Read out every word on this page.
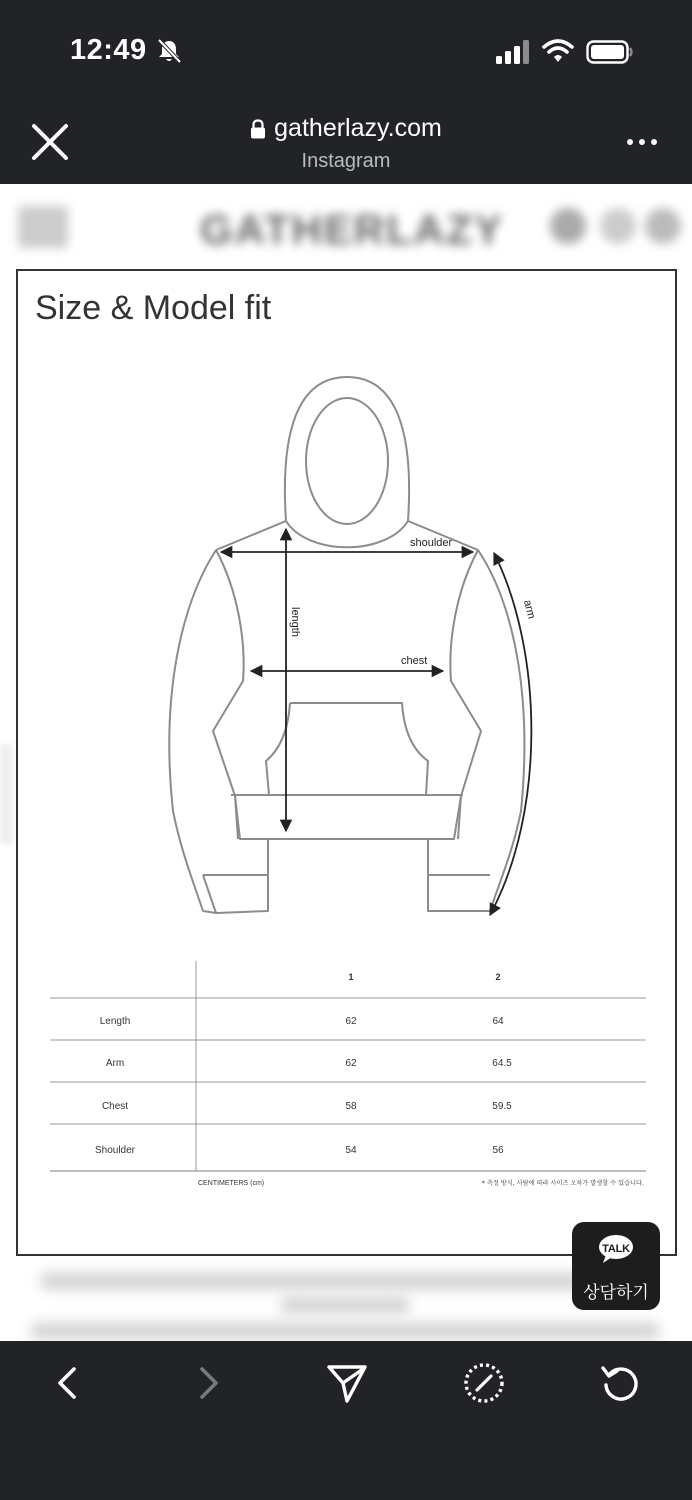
12:49
gatherlazy.com
Instagram
GATHERLAZY
Size & Model fit
shoulder
chest
length	arm
1	2
Length	62	64
Arm	62	64.5
Chest	58	59.5
Shoulder	54	56
CENTIMETERS (cm)	* 측정 방식, 사람에 따라 사이즈 오차가 발생할 수 있습니다.
TALK
상담하기
